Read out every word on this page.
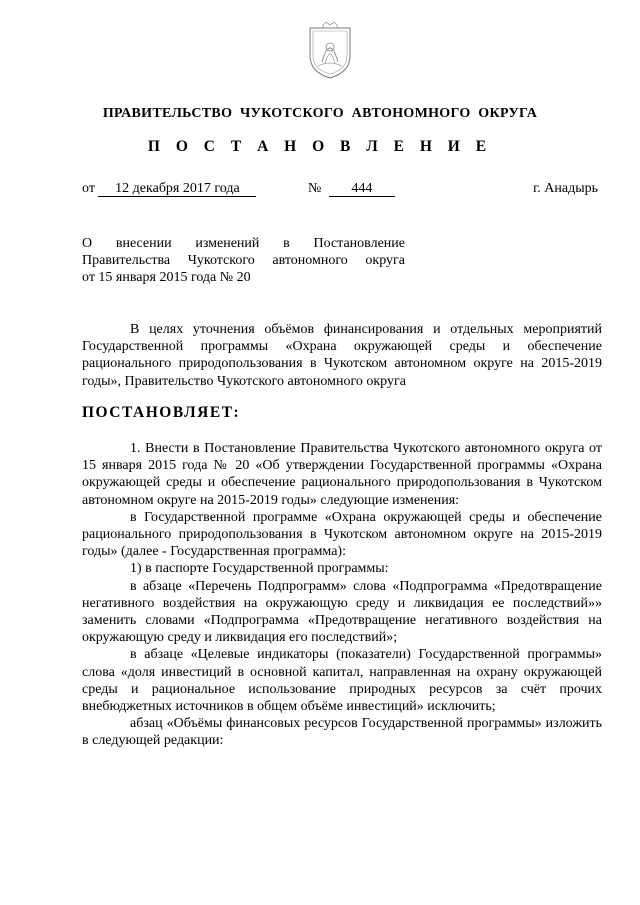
ПРАВИТЕЛЬСТВО ЧУКОТСКОГО АВТОНОМНОГО ОКРУГА
П О С Т А Н О В Л Е Н И Е
от 12 декабря 2017 года	№ 444	г. Анадырь
О внесении изменений в Постановление
Правительства Чукотского автономного округа
от 15 января 2015 года № 20

В целях уточнения объёмов финансирования и отдельных мероприятий Государственной программы «Охрана окружающей среды и обеспечение рационального природопользования в Чукотском автономном округе на 2015-2019 годы», Правительство Чукотского автономного округа

ПОСТАНОВЛЯЕТ:

1. Внести в Постановление Правительства Чукотского автономного округа от 15 января 2015 года № 20 «Об утверждении Государственной программы «Охрана окружающей среды и обеспечение рационального природопользования в Чукотском автономном округе на 2015-2019 годы» следующие изменения:

в Государственной программе «Охрана окружающей среды и обеспечение рационального природопользования в Чукотском автономном округе на 2015-2019 годы» (далее - Государственная программа):

1) в паспорте Государственной программы:

в абзаце «Перечень Подпрограмм» слова «Подпрограмма «Предотвращение негативного воздействия на окружающую среду и ликвидация ее последствий»» заменить словами «Подпрограмма «Предотвращение негативного воздействия на окружающую среду и ликвидация его последствий»;

в абзаце «Целевые индикаторы (показатели) Государственной программы» слова «доля инвестиций в основной капитал, направленная на охрану окружающей среды и рациональное использование природных ресурсов за счёт прочих внебюджетных источников в общем объёме инвестиций» исключить;

абзац «Объёмы финансовых ресурсов Государственной программы» изложить в следующей редакции:
